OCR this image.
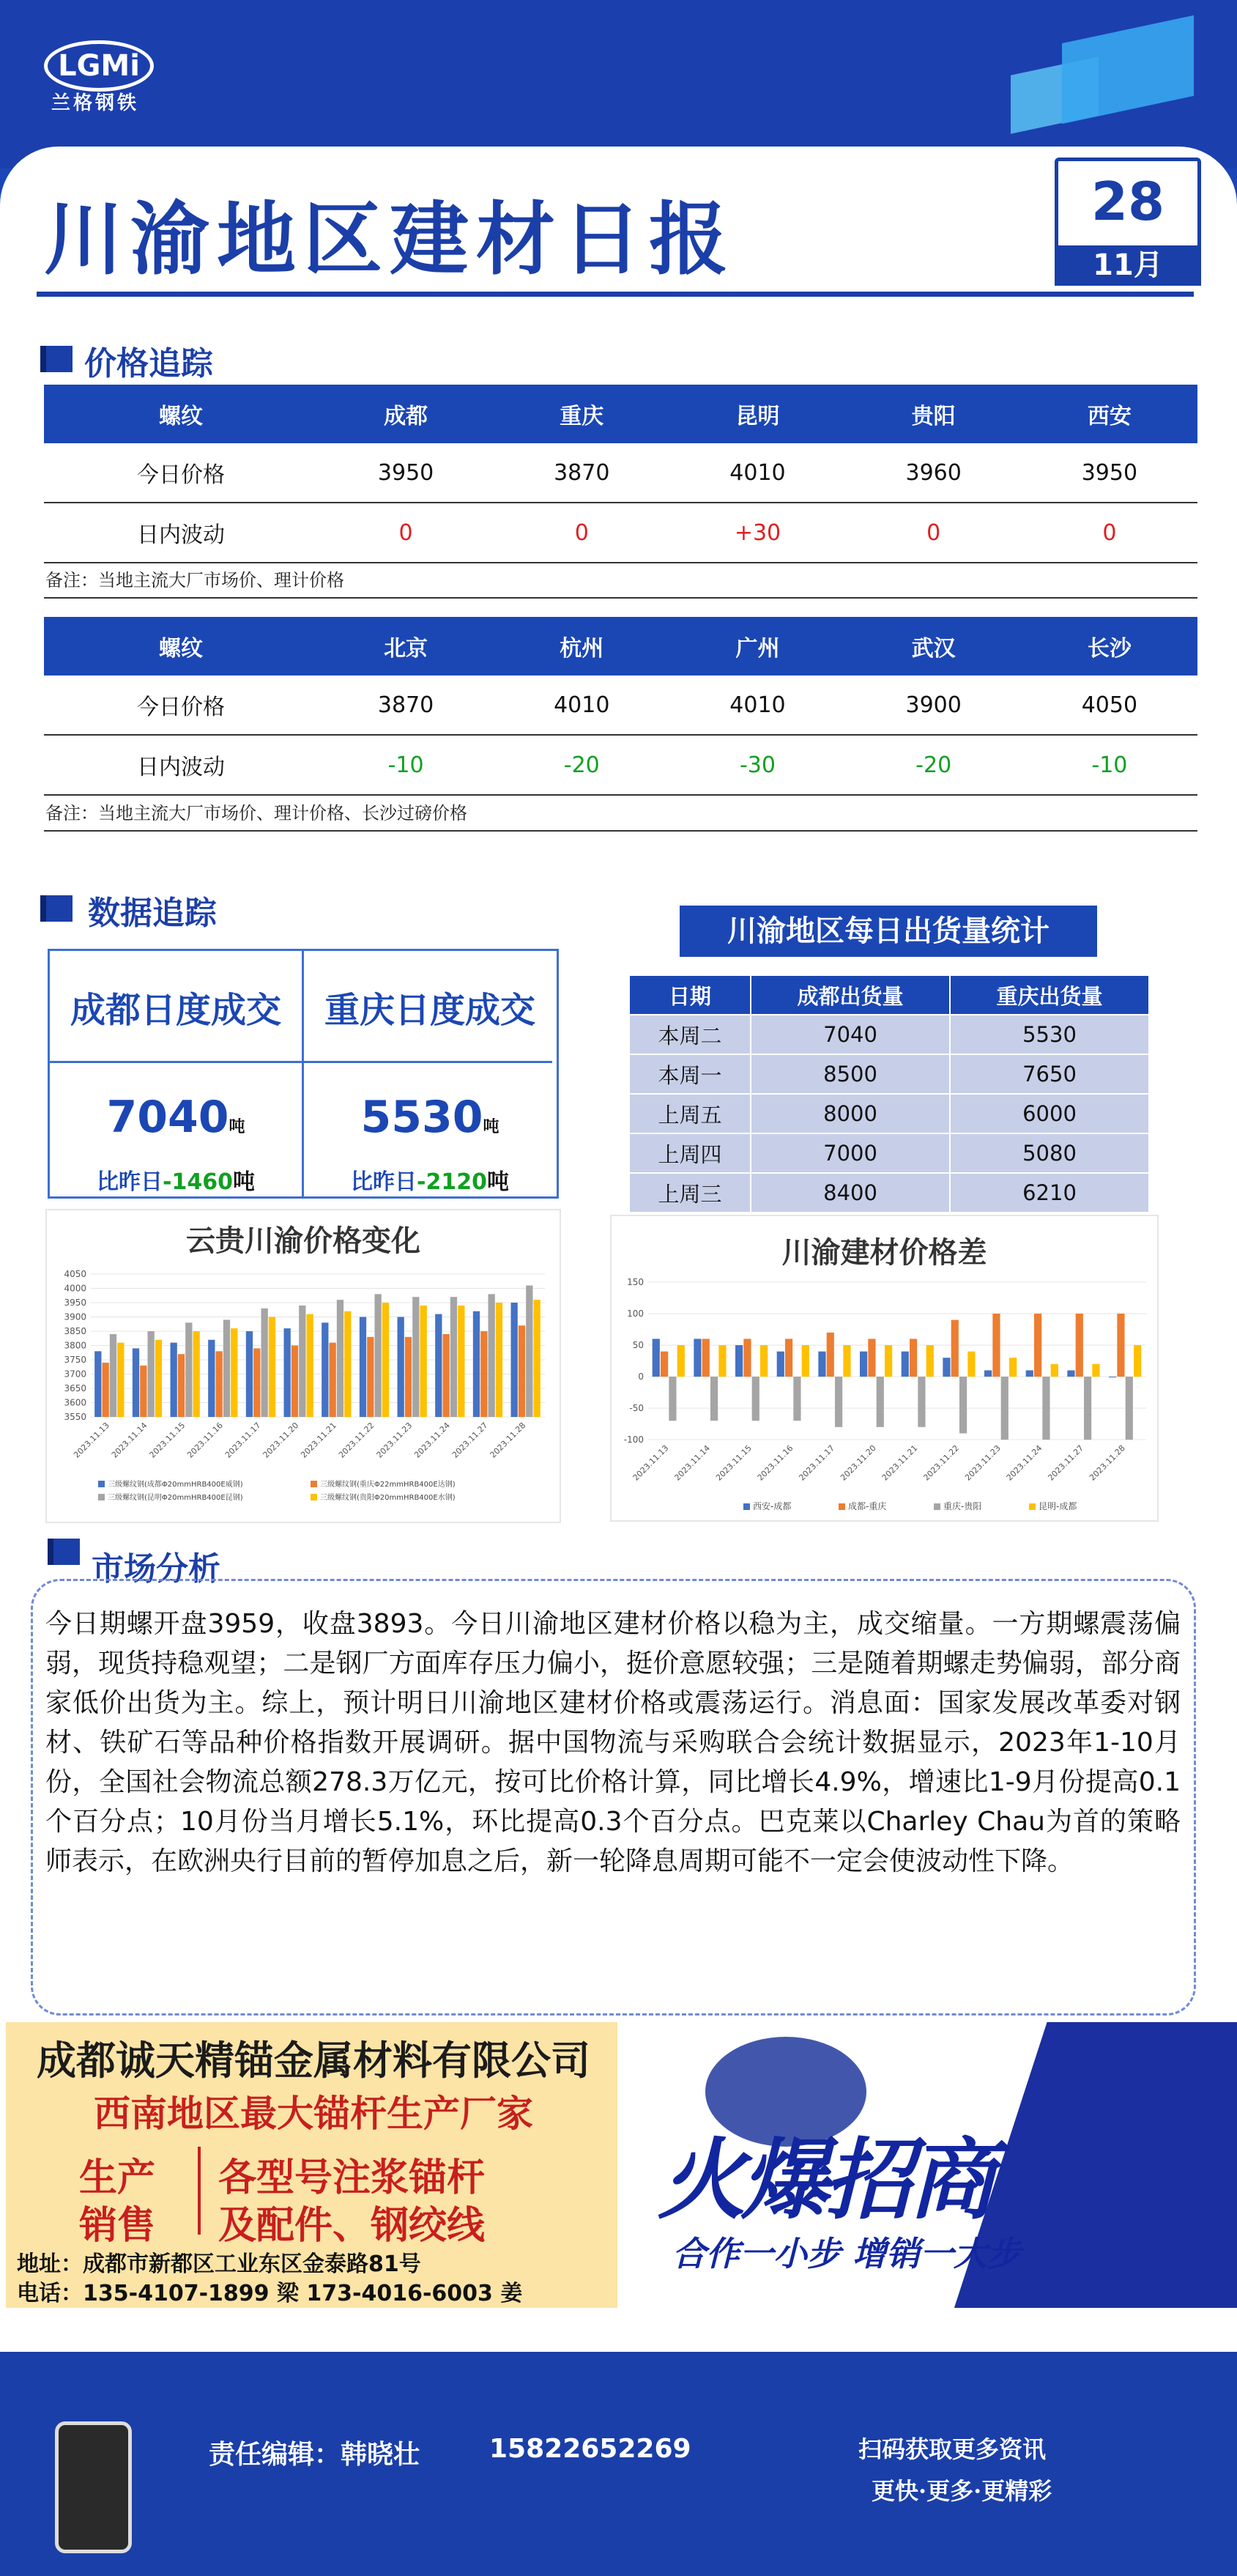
LGMi
兰格钢铁
川渝地区建材日报	28
11月
价格追踪
螺纹	成都	重庆	昆明	贵阳	西安
今日价格	3950	3870	4010	3960	3950
日内波动	0	0	+30	0	0
备注：当地主流大厂市场价、理计价格
螺纹	北京	杭州	广州	武汉	长沙
今日价格	3870	4010	4010	3900	4050
日内波动	-10	-20	-30	-20	-10
备注：当地主流大厂市场价、理计价格、长沙过磅价格
数据追踪
成都日度成交	重庆日度成交
7040吨	5530吨
比昨日-1460吨	比昨日-2120吨
川渝地区每日出货量统计
日期	成都出货量	重庆出货量
本周二	7040	5530
本周一	8500	7650
上周五	8000	6000
上周四	7000	5080
上周三	8400	6210
云贵川渝价格变化
4050
4000
3950
3900
3850
3800
3750
3700
3650
3600
3550
2023.11.13
2023.11.14
2023.11.15
2023.11.16
2023.11.17
2023.11.20
2023.11.21
2023.11.22
2023.11.23
2023.11.24
2023.11.27
2023.11.28
三级螺纹钢(成都Φ20mmHRB400E威钢)	三级螺纹钢(重庆Φ22mmHRB400E达钢)
三级螺纹钢(昆明Φ20mmHRB400E昆钢)	三级螺纹钢(贵阳Φ20mmHRB400E水钢)
川渝建材价格差
150
100
50
0
-50
-100
2023.11.13 2023.11.14 2023.11.15 2023.11.16 2023.11.17 2023.11.20 2023.11.21 2023.11.22 2023.11.23 2023.11.24 2023.11.27 2023.11.28
西安-成都	成都-重庆	重庆-贵阳	昆明-成都
市场分析
今日期螺开盘3959，收盘3893。今日川渝地区建材价格以稳为主，成交缩量。一方期螺震荡偏弱，现货持稳观望；二是钢厂方面库存压力偏小，挺价意愿较强；三是随着期螺走势偏弱，部分商家低价出货为主。综上，预计明日川渝地区建材价格或震荡运行。消息面：国家发展改革委对钢材、铁矿石等品种价格指数开展调研。据中国物流与采购联合会统计数据显示，2023年1-10月份，全国社会物流总额278.3万亿元，按可比价格计算，同比增长4.9%，增速比1-9月份提高0.1个百分点；10月份当月增长5.1%，环比提高0.3个百分点。巴克莱以Charley Chau为首的策略师表示，在欧洲央行目前的暂停加息之后，新一轮降息周期可能不一定会使波动性下降。
成都诚天精锚金属材料有限公司
西南地区最大锚杆生产厂家
生产
销售
各型号注浆锚杆
及配件、钢绞线
地址：成都市新都区工业东区金泰路81号
电话：135-4107-1899 梁 173-4016-6003 姜
火爆招商
合作一小步 增销一大步
责任编辑：韩晓壮	15822652269	扫码获取更多资讯
更快·更多·更精彩
